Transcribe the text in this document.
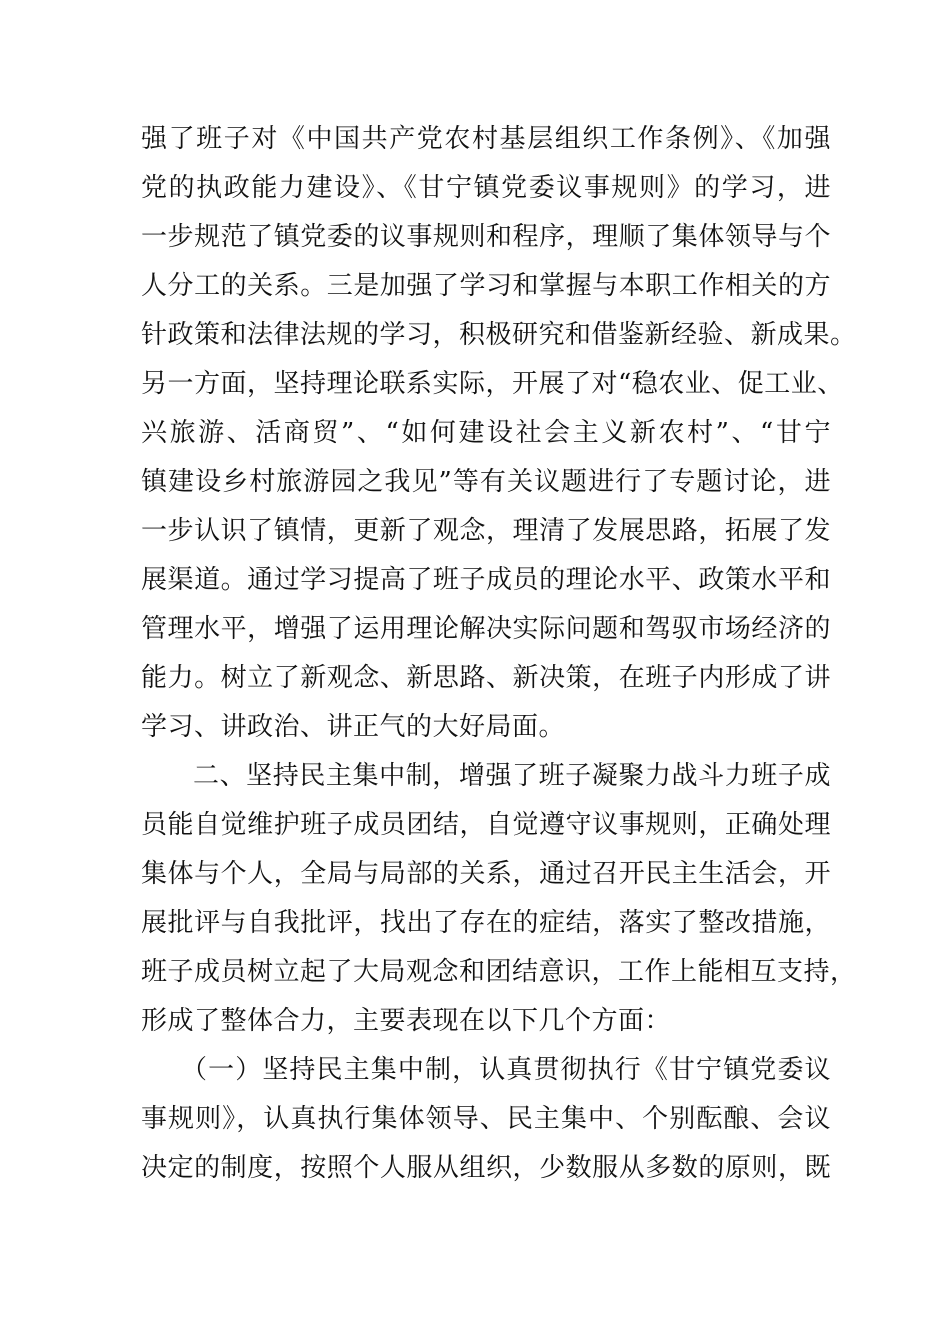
强了班子对《中国共产党农村基层组织工作条例》、《加强
党的执政能力建设》、《甘宁镇党委议事规则》的学习，进
一步规范了镇党委的议事规则和程序，理顺了集体领导与个
人分工的关系。三是加强了学习和掌握与本职工作相关的方
针政策和法律法规的学习，积极研究和借鉴新经验、新成果。
另一方面，坚持理论联系实际，开展了对“稳农业、促工业、
兴旅游、活商贸”、“如何建设社会主义新农村”、“甘宁
镇建设乡村旅游园之我见”等有关议题进行了专题讨论，进
一步认识了镇情，更新了观念，理清了发展思路，拓展了发
展渠道。通过学习提高了班子成员的理论水平、政策水平和
管理水平，增强了运用理论解决实际问题和驾驭市场经济的
能力。树立了新观念、新思路、新决策，在班子内形成了讲
学习、讲政治、讲正气的大好局面。
二、坚持民主集中制，增强了班子凝聚力战斗力班子成
员能自觉维护班子成员团结，自觉遵守议事规则，正确处理
集体与个人，全局与局部的关系，通过召开民主生活会，开
展批评与自我批评，找出了存在的症结，落实了整改措施，
班子成员树立起了大局观念和团结意识，工作上能相互支持，
形成了整体合力，主要表现在以下几个方面：
（一）坚持民主集中制，认真贯彻执行《甘宁镇党委议
事规则》，认真执行集体领导、民主集中、个别酝酿、会议
决定的制度，按照个人服从组织，少数服从多数的原则，既
